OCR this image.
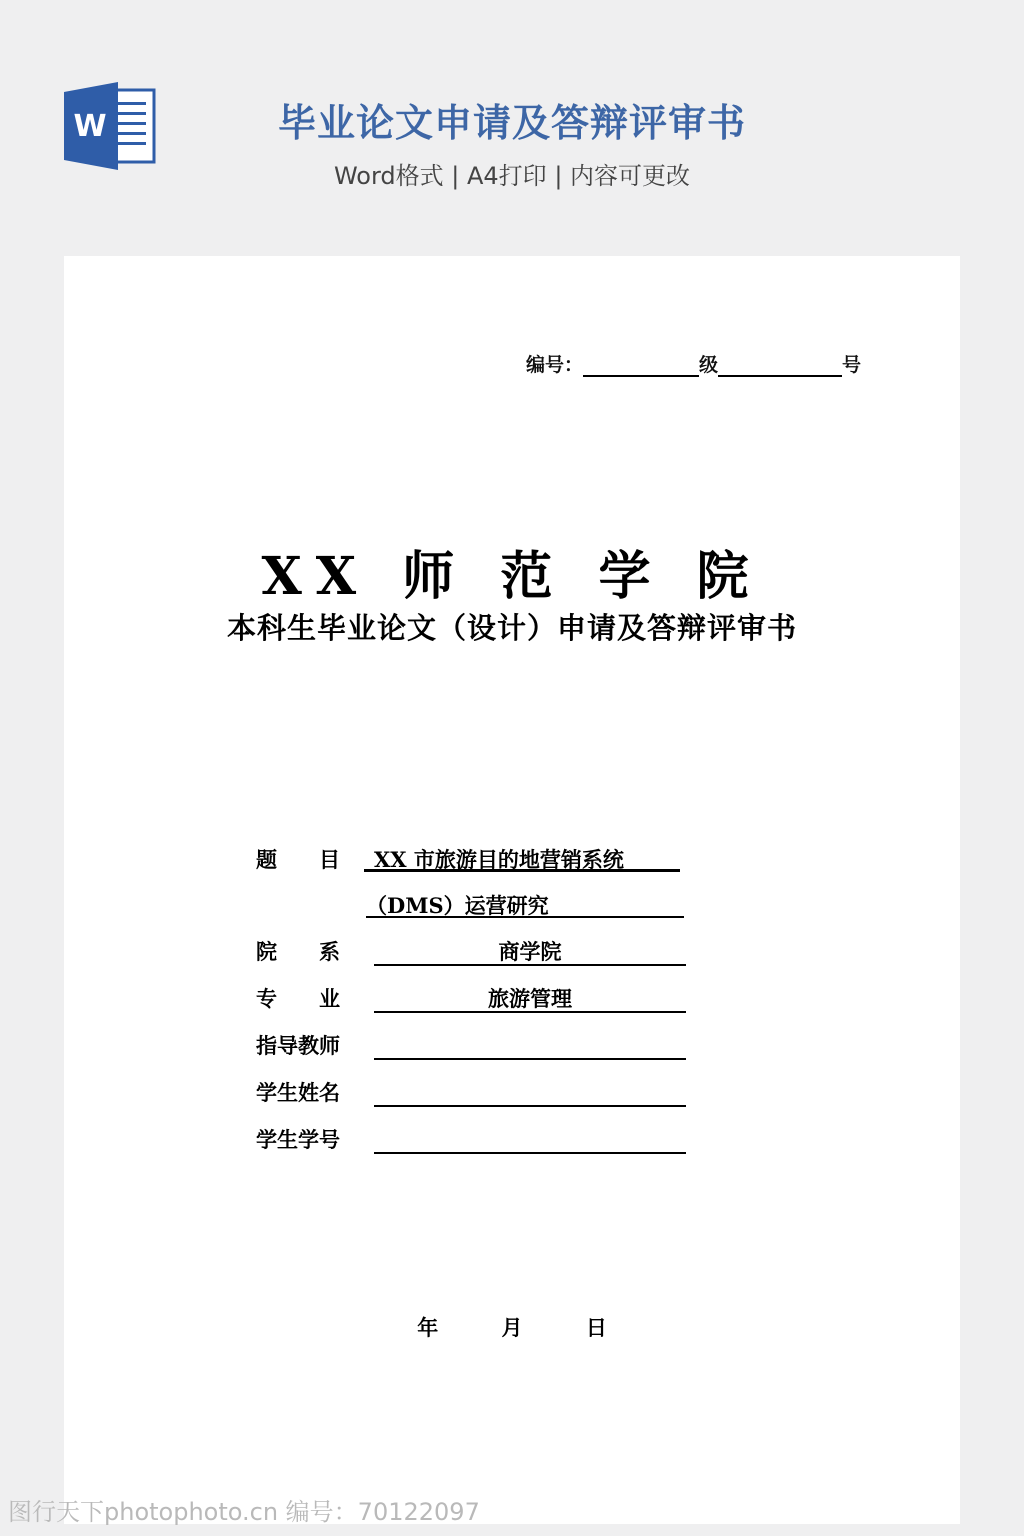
W	毕业论文申请及答辩评审书
Word格式 | A4打印 | 内容可更改
编号：	级	号
XX 师 范 学 院
本科生毕业论文（设计）申请及答辩评审书
题　　目	XX 市旅游目的地营销系统
（DMS）运营研究
院　　系	商学院
专　　业	旅游管理
指导教师
学生姓名
学生学号
年	月	日
图行天下photophoto.cn 编号：70122097
